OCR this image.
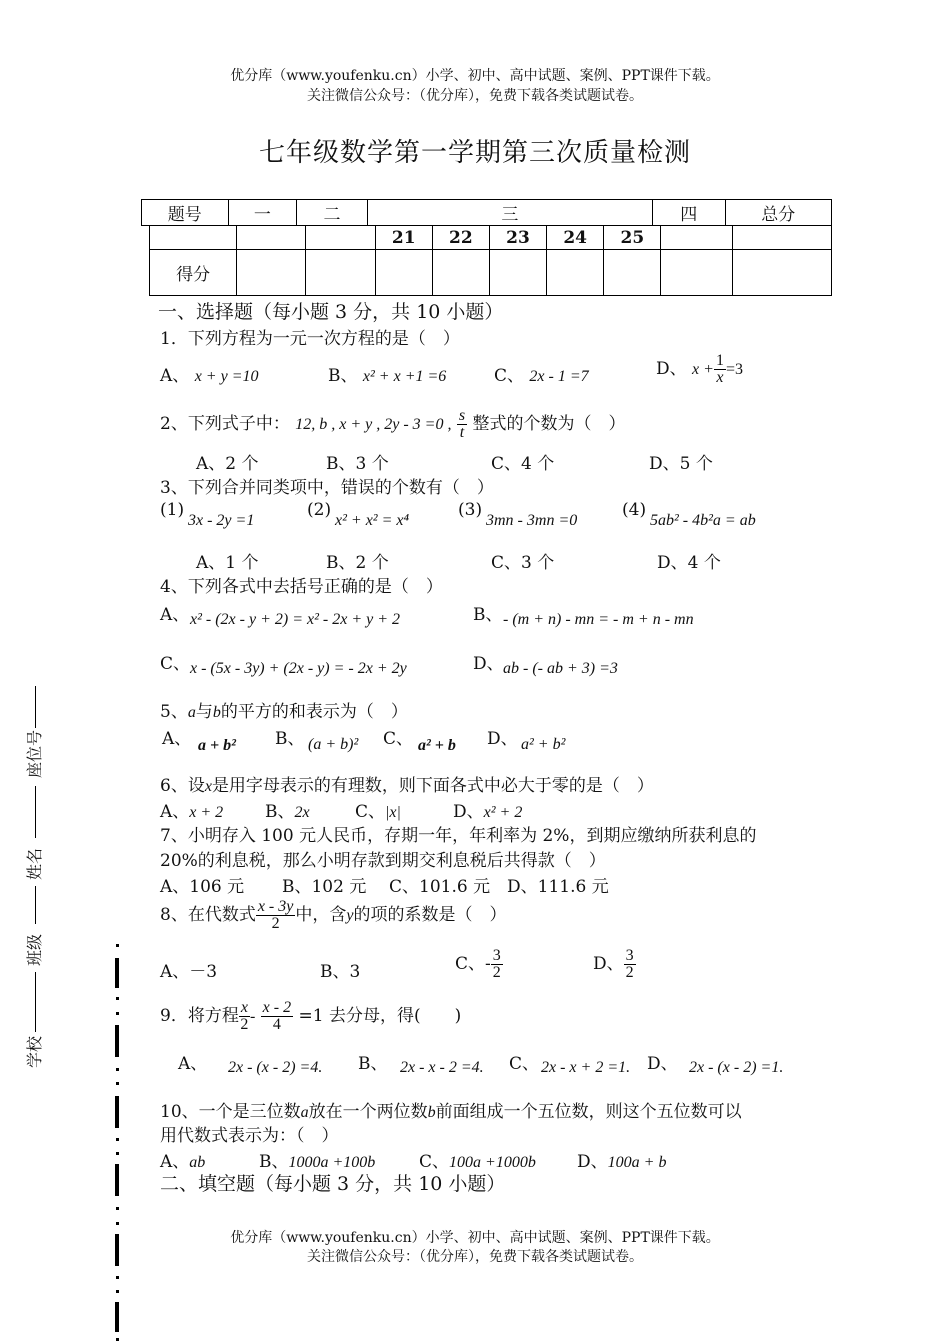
优分库（www.youfenku.cn）小学、初中、高中试题、案例、PPT课件下载。
关注微信公众号：（优分库），免费下载各类试题试卷。
七年级数学第一学期第三次质量检测
题号	一	二	三	四	总分
			21	22	23	24	25		
得分									
一、选择题（每小题 3 分，共 10 小题）
1．下列方程为一元一次方程的是（　）
A、 x + y =10	B、 x² + x +1 =6	C、 2x - 1 =7	D、 $x + \frac{1}{x} =3$
2、下列式子中： 12, b , x + y , 2y - 3 =0 , $\frac{s}{t}$ 整式的个数为（　）
A、2 个	B、3 个	C、4 个	D、5 个
3、下列合并同类项中，错误的个数有（　）
(1)
3x - 2y =1
(2)
x² + x² = x⁴
(3)
3mn - 3mn =0
(4)
5ab² - 4b²a = ab
A、1 个	B、2 个	C、3 个	D、4 个
4、下列各式中去括号正确的是（　）
A、 x² - (2x - y + 2) = x² - 2x + y + 2	B、 - (m + n) - mn = - m + n - mn
C、 x - (5x - 3y) + (2x - y) = - 2x + 2y	D、 ab - (- ab + 3) =3
5、a与b的平方的和表示为（　）
A、 a + b² B、 (a + b)² C、 a² + b D、 a² + b²
6、设x是用字母表示的有理数，则下面各式中必大于零的是（　）
A、x + 2 B、2x	C、|x|	D、x² + 2
7、小明存入 100 元人民币，存期一年，年利率为 2%，到期应缴纳所获利息的
20%的利息税，那么小明存款到期交利息税后共得款（　）
A、106 元 B、102 元 C、101.6 元 D、111.6 元
8、在代数式 $\frac{x - 3y}{2}$ 中，含y的项的系数是（　）
A、－3	B、3	C、- $\frac{3}{2}$	D、 $\frac{3}{2}$
9．将方程 $\frac{x}{2} - \frac{x - 2}{4} =1$ 去分母，得(　　)
A、 2x - (x - 2) =4. B、 2x - x - 2 =4. C、 2x - x + 2 =1. D、 2x - (x - 2) =1.
10、一个是三位数a放在一个两位数b前面组成一个五位数，则这个五位数可以
用代数式表示为：（　）
A、ab	B、1000a +100b	C、100a +1000b D、100a + b
二、填空题（每小题 3 分，共 10 小题）
优分库（www.youfenku.cn）小学、初中、高中试题、案例、PPT课件下载。
关注微信公众号：（优分库），免费下载各类试题试卷。
座位号
姓名
班级
学校
